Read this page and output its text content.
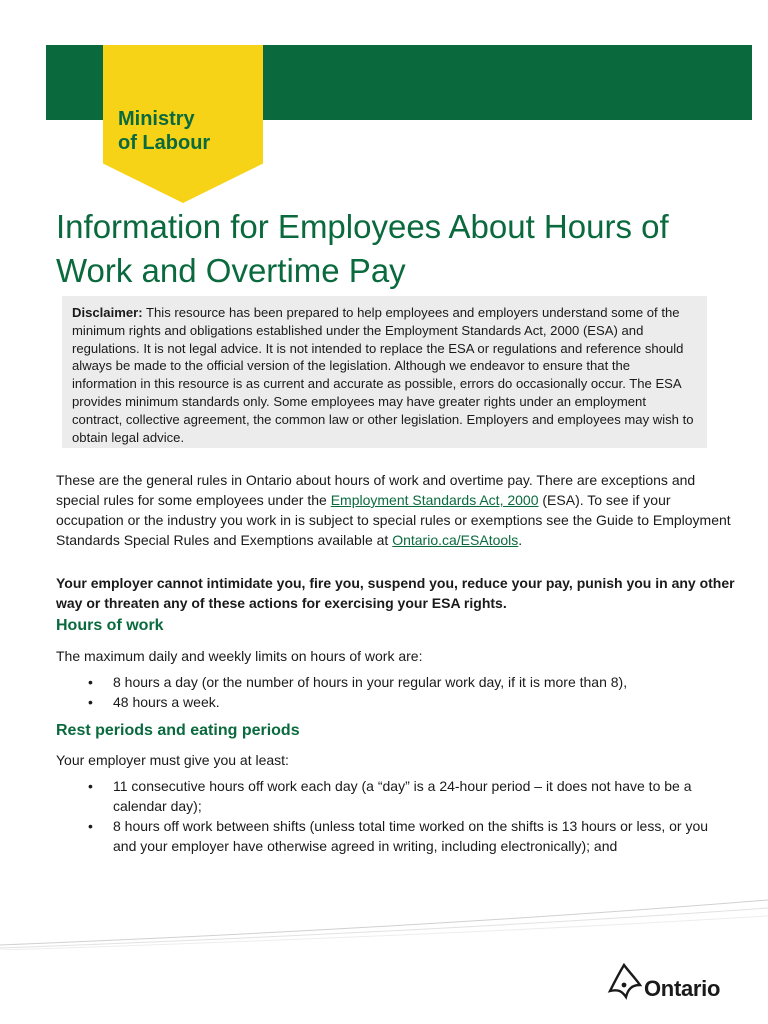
Ministry
of Labour
Information for Employees About Hours of Work and Overtime Pay

Disclaimer: This resource has been prepared to help employees and employers understand some of the minimum rights and obligations established under the Employment Standards Act, 2000 (ESA) and regulations. It is not legal advice. It is not intended to replace the ESA or regulations and reference should always be made to the official version of the legislation. Although we endeavor to ensure that the information in this resource is as current and accurate as possible, errors do occasionally occur. The ESA provides minimum standards only. Some employees may have greater rights under an employment contract, collective agreement, the common law or other legislation. Employers and employees may wish to obtain legal advice.

These are the general rules in Ontario about hours of work and overtime pay. There are exceptions and special rules for some employees under the Employment Standards Act, 2000 (ESA). To see if your occupation or the industry you work in is subject to special rules or exemptions see the Guide to Employment Standards Special Rules and Exemptions available at Ontario.ca/ESAtools.

Your employer cannot intimidate you, fire you, suspend you, reduce your pay, punish you in any other way or threaten any of these actions for exercising your ESA rights.

Hours of work

The maximum daily and weekly limits on hours of work are:

• 8 hours a day (or the number of hours in your regular work day, if it is more than 8),
• 48 hours a week.
Rest periods and eating periods

Your employer must give you at least:

• 11 consecutive hours off work each day (a “day” is a 24-hour period – it does not have to be a calendar day);
• 8 hours off work between shifts (unless total time worked on the shifts is 13 hours or less, or you and your employer have otherwise agreed in writing, including electronically); and
Ontario
